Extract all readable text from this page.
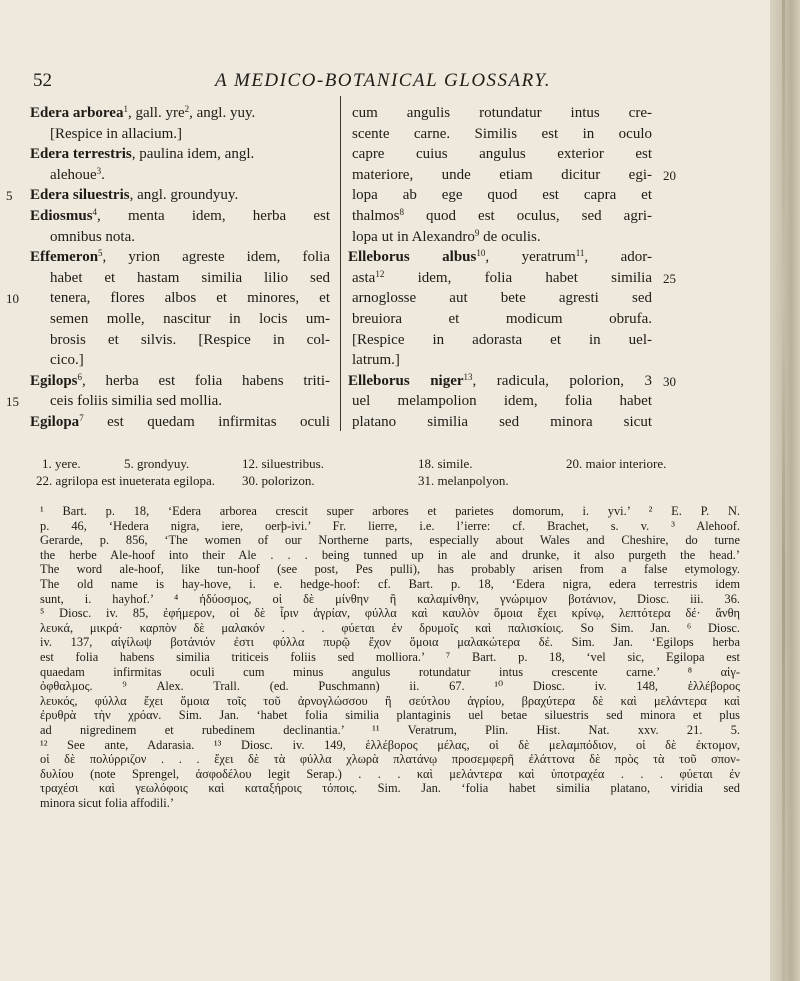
52	A MEDICO-BOTANICAL GLOSSARY.
Edera arborea$^1$, gall. yre$^2$, angl. yuy.
[Respice in allacium.]
Edera terrestris, paulina idem, angl.
alehoue$^3$.
Edera siluestris, angl. groundyuy.
5
Ediosmus$^4$, menta idem, herba est
omnibus nota.
Effemeron$^5$, yrion agreste idem, folia
habet et hastam similia lilio sed
tenera, flores albos et minores, et
10
semen molle, nascitur in locis um-
brosis et silvis. [Respice in col-
cico.]
Egilops$^6$, herba est folia habens triti-
ceis foliis similia sed mollia.
15
Egilopa$^7$ est quedam infirmitas oculi
cum angulis rotundatur intus cre-
scente carne. Similis est in oculo
capre cuius angulus exterior est
materiore, unde etiam dicitur egi- 20
lopa ab ege quod est capra et
thalmos$^8$ quod est oculus, sed agri-
lopa ut in Alexandro$^9$ de oculis.
Elleborus albus$^{10}$, yeratrum$^{11}$, ador-
asta$^{12}$ idem, folia habet similia 25
arnoglosse aut bete agresti sed
breuiora et modicum obrufa.
[Respice in adorasta et in uel-
latrum.]
Elleborus niger$^{13}$, radicula, polorion, 3 30
uel melampolion idem, folia habet
platano similia sed minora sicut
1. yere.	5. grondyuy.	12. siluestribus.	18. simile.	20. maior interiore.
22. agrilopa est inueterata egilopa. 30. polorizon.	31. melanpolyon.
¹ Bart. p. 18, ‘Edera arborea crescit super arbores et parietes domorum, i. yvi.’ ² E. P. N.
p. 46, ‘Hedera nigra, iere, oerþ-ivi.’ Fr. lierre, i.e. l’ierre: cf. Brachet, s. v. ³ Alehoof.
Gerarde, p. 856, ‘The women of our Northerne parts, especially about Wales and Cheshire, do turne
the herbe Ale-hoof into their Ale . . . being tunned up in ale and drunke, it also purgeth the head.’
The word ale-hoof, like tun-hoof (see post, Pes pulli), has probably arisen from a false etymology.
The old name is hay-hove, i. e. hedge-hoof: cf. Bart. p. 18, ‘Edera nigra, edera terrestris idem
sunt, i. hayhof.’ ⁴ ἡδύοσμος, οἱ δὲ μίνθην ἢ καλαμίνθην, γνώριμον βοτάνιον, Diosc. iii. 36.
⁵ Diosc. iv. 85, ἐφήμερον, οἱ δὲ ἶριν ἀγρίαν, φύλλα καὶ καυλὸν ὅμοια ἔχει κρίνῳ, λεπτότερα δέ· ἄνθη
λευκά, μικρά· καρπὸν δὲ μαλακόν . . . φύεται ἐν δρυμοῖς καὶ παλισκίοις. So Sim. Jan. ⁶ Diosc.
iv. 137, αἰγίλωψ βοτάνιόν ἐστι φύλλα πυρῷ ἔχον ὅμοια μαλακώτερα δέ. Sim. Jan. ‘Egilops herba
est folia habens similia triticeis foliis sed molliora.’ ⁷ Bart. p. 18, ‘vel sic, Egilopa est
quaedam infirmitas oculi cum minus angulus rotundatur intus crescente carne.’ ⁸ αἰγ-
ὀφθαλμος. ⁹ Alex. Trall. (ed. Puschmann) ii. 67. ¹⁰ Diosc. iv. 148, ἑλλέβορος
λευκός, φύλλα ἔχει ὅμοια τοῖς τοῦ ἀρνογλώσσου ἢ σεύτλου ἀγρίου, βραχύτερα δὲ καὶ μελάντερα καὶ
ἐρυθρὰ τὴν χρόαν. Sim. Jan. ‘habet folia similia plantaginis uel betae siluestris sed minora et plus
ad nigredinem et rubedinem declinantia.’ ¹¹ Veratrum, Plin. Hist. Nat. xxv. 21. 5.
¹² See ante, Adarasia. ¹³ Diosc. iv. 149, ἑλλέβορος μέλας, οἱ δὲ μελαμπόδιον, οἱ δὲ ἐκτομον,
οἱ δὲ πολύρριζον . . . ἔχει δὲ τὰ φύλλα χλωρὰ πλατάνῳ προσεμφερῆ ἐλάττονα δὲ πρὸς τὰ τοῦ σπον-
δυλίου (note Sprengel, ἀσφοδέλου legit Serap.) . . . καὶ μελάντερα καὶ ὑποτραχέα . . . φύεται ἐν
τραχέσι καὶ γεωλόφοις καὶ καταξήροις τόποις. Sim. Jan. ‘folia habet similia platano, viridia sed
minora sicut folia affodili.’
